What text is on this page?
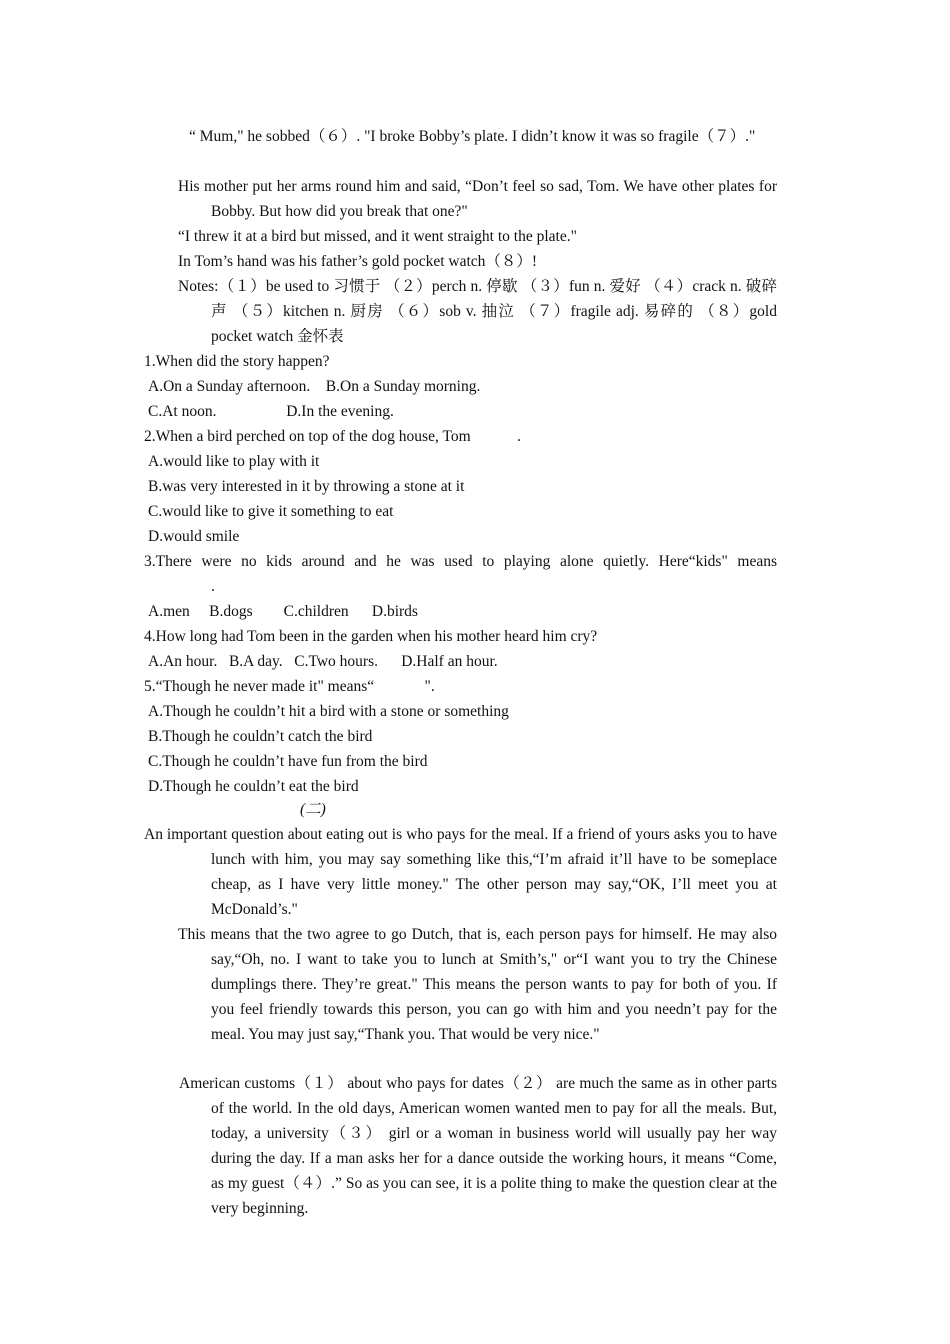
“ Mum," he sobbed（６）. "I broke Bobby’s plate. I didn’t know it was so fragile（７）."
His mother put her arms round him and said, “Don’t feel so sad, Tom. We have other plates for Bobby. But how did you break that one?"
“I threw it at a bird but missed, and it went straight to the plate."
In Tom’s hand was his father’s gold pocket watch（８）!
Notes:（１）be used to 习惯于 （２）perch n. 停歇 （３）fun n. 爱好 （４）crack n. 破碎声 （５）kitchen n. 厨房 （６）sob v. 抽泣 （７）fragile adj. 易碎的 （８）gold pocket watch 金怀表
1.When did the story happen?
A.On a Sunday afternoon.    B.On a Sunday morning.
C.At noon.                  D.In the evening.
2.When a bird perched on top of the dog house, Tom            .
A.would like to play with it
B.was very interested in it by throwing a stone at it
C.would like to give it something to eat
D.would smile
3.There were no kids around and he was used to playing alone quietly. Here“kids" means
.
A.men     B.dogs        C.children      D.birds
4.How long had Tom been in the garden when his mother heard him cry?
A.An hour.   B.A day.   C.Two hours.      D.Half an hour.
5.“Though he never made it" means“             ".
A.Though he couldn’t hit a bird with a stone or something
B.Though he couldn’t catch the bird
C.Though he couldn’t have fun from the bird
D.Though he couldn’t eat the bird
(二)
An important question about eating out is who pays for the meal. If a friend of yours asks you to have lunch with him, you may say something like this,“I’m afraid it’ll have to be someplace cheap, as I have very little money." The other person may say,“OK, I’ll meet you at McDonald’s."
This means that the two agree to go Dutch, that is, each person pays for himself. He may also say,“Oh, no. I want to take you to lunch at Smith’s," or“I want you to try the Chinese dumplings there. They’re great." This means the person wants to pay for both of you. If you feel friendly towards this person, you can go with him and you needn’t pay for the meal. You may just say,“Thank you. That would be very nice."
American customs（１） about who pays for dates（２） are much the same as in other parts of the world. In the old days, American women wanted men to pay for all the meals. But, today, a university（３） girl or a woman in business world will usually pay her way during the day. If a man asks her for a dance outside the working hours, it means “Come, as my guest（４）.” So as you can see, it is a polite thing to make the question clear at the very beginning.
